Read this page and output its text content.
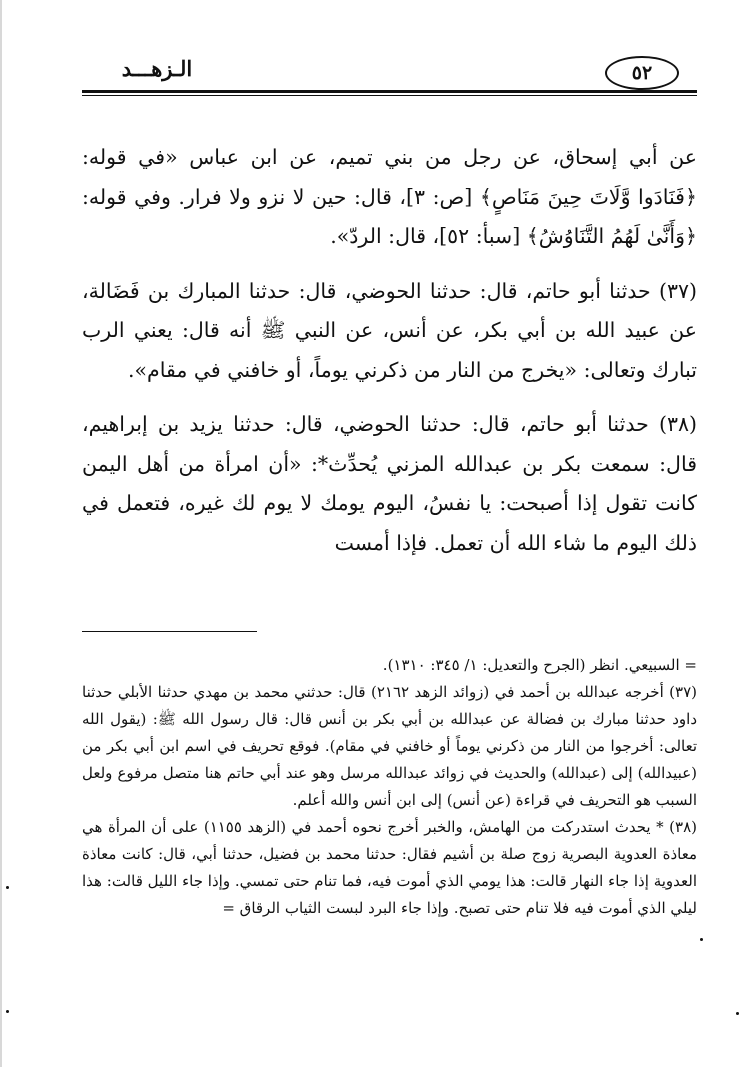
٥٢
الـزهـــد

عن أبي إسحاق، عن رجل من بني تميم، عن ابن عباس «في قوله: ﴿فَنَادَوا وَّلَاتَ حِينَ مَنَاصٍ﴾ [ص: ٣]، قال: حين لا نزو ولا فرار. وفي قوله: ﴿وَأَنَّىٰ لَهُمُ التَّنَاوُشُ﴾ [سبأ: ٥٢]، قال: الردّ».

(٣٧) حدثنا أبو حاتم، قال: حدثنا الحوضي، قال: حدثنا المبارك بن فَضَالة، عن عبيد الله بن أبي بكر، عن أنس، عن النبي ﷺ أنه قال: يعني الرب تبارك وتعالى: «يخرج من النار من ذكرني يوماً، أو خافني في مقام».

(٣٨) حدثنا أبو حاتم، قال: حدثنا الحوضي، قال: حدثنا يزيد بن إبراهيم، قال: سمعت بكر بن عبدالله المزني يُحدِّث*: «أن امرأة من أهل اليمن كانت تقول إذا أصبحت: يا نفسُ، اليوم يومك لا يوم لك غيره، فتعمل في ذلك اليوم ما شاء الله أن تعمل. فإذا أمست

= السبيعي. انظر (الجرح والتعديل: ١/ ٣٤٥: ١٣١٠).

(٣٧) أخرجه عبدالله بن أحمد في (زوائد الزهد ٢١٦٢) قال: حدثني محمد بن مهدي حدثنا الأبلي حدثنا داود حدثنا مبارك بن فضالة عن عبدالله بن أبي بكر بن أنس قال: قال رسول الله ﷺ: (يقول الله تعالى: أخرجوا من النار من ذكرني يوماً أو خافني في مقام). فوقع تحريف في اسم ابن أبي بكر من (عبيدالله) إلى (عبدالله) والحديث في زوائد عبدالله مرسل وهو عند أبي حاتم هنا متصل مرفوع ولعل السبب هو التحريف في قراءة (عن أنس) إلى ابن أنس والله أعلم.

(٣٨) * يحدث استدركت من الهامش، والخبر أخرج نحوه أحمد في (الزهد ١١٥٥) على أن المرأة هي معاذة العدوية البصرية زوج صلة بن أشيم فقال: حدثنا محمد بن فضيل، حدثنا أبي، قال: كانت معاذة العدوية إذا جاء النهار قالت: هذا يومي الذي أموت فيه، فما تنام حتى تمسي. وإذا جاء الليل قالت: هذا ليلي الذي أموت فيه فلا تنام حتى تصبح. وإذا جاء البرد لبست الثياب الرقاق =
